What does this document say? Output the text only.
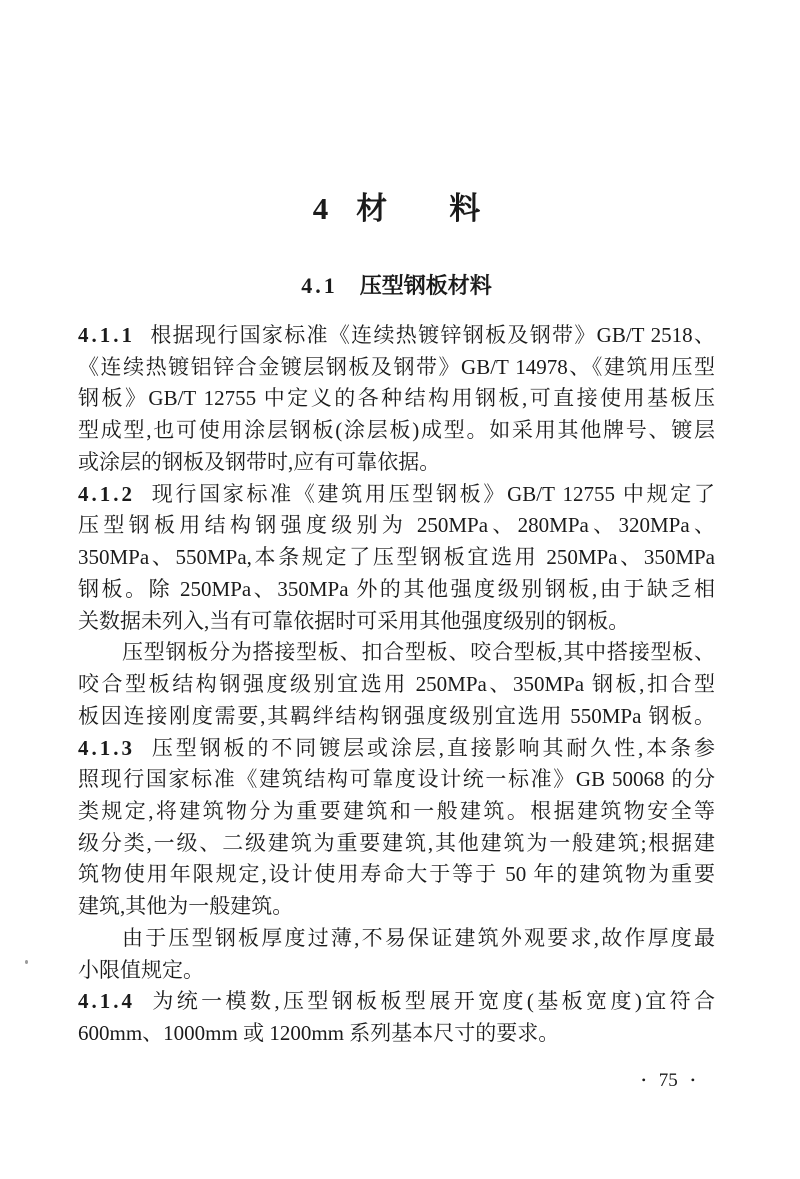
4 材 料
4.1 压型钢板材料
4.1.1 根据现行国家标准《连续热镀锌钢板及钢带》GB/T 2518、
《连续热镀铝锌合金镀层钢板及钢带》GB/T 14978、《建筑用压型
钢板》GB/T 12755 中定义的各种结构用钢板,可直接使用基板压
型成型,也可使用涂层钢板(涂层板)成型。如采用其他牌号、镀层
或涂层的钢板及钢带时,应有可靠依据。
4.1.2 现行国家标准《建筑用压型钢板》GB/T 12755 中规定了
压型钢板用结构钢强度级别为 250MPa、280MPa、320MPa、
350MPa、550MPa,本条规定了压型钢板宜选用 250MPa、350MPa
钢板。除 250MPa、350MPa 外的其他强度级别钢板,由于缺乏相
关数据未列入,当有可靠依据时可采用其他强度级别的钢板。
压型钢板分为搭接型板、扣合型板、咬合型板,其中搭接型板、
咬合型板结构钢强度级别宜选用 250MPa、350MPa 钢板,扣合型
板因连接刚度需要,其羁绊结构钢强度级别宜选用 550MPa 钢板。
4.1.3 压型钢板的不同镀层或涂层,直接影响其耐久性,本条参
照现行国家标准《建筑结构可靠度设计统一标准》GB 50068 的分
类规定,将建筑物分为重要建筑和一般建筑。根据建筑物安全等
级分类,一级、二级建筑为重要建筑,其他建筑为一般建筑;根据建
筑物使用年限规定,设计使用寿命大于等于 50 年的建筑物为重要
建筑,其他为一般建筑。
由于压型钢板厚度过薄,不易保证建筑外观要求,故作厚度最
小限值规定。
4.1.4 为统一模数,压型钢板板型展开宽度(基板宽度)宜符合
600mm、1000mm 或 1200mm 系列基本尺寸的要求。
• 75 •
